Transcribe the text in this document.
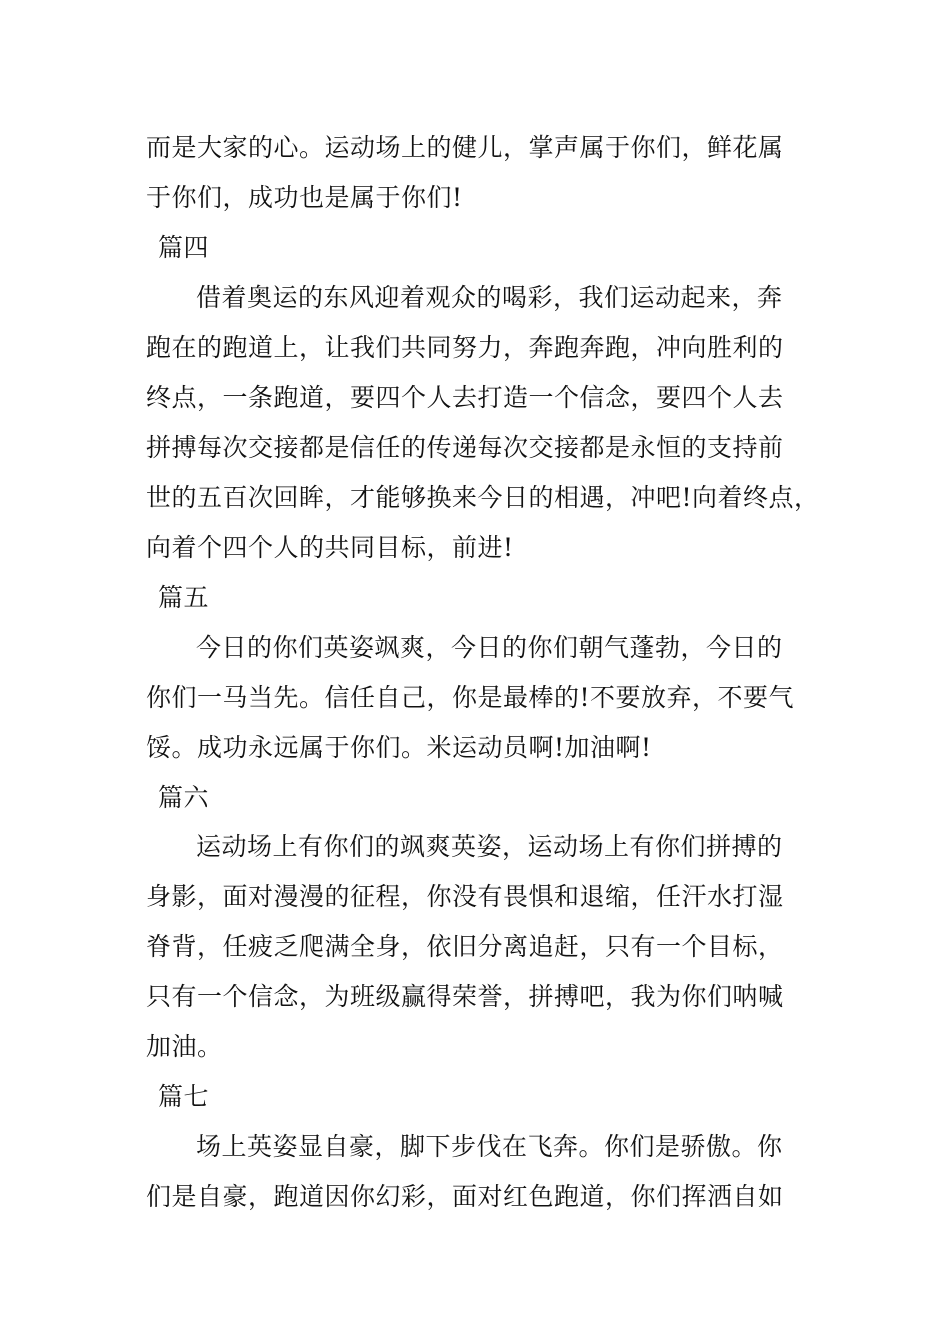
而是大家的心。运动场上的健儿，掌声属于你们，鲜花属
于你们，成功也是属于你们!
篇四
借着奥运的东风迎着观众的喝彩，我们运动起来，奔
跑在的跑道上，让我们共同努力，奔跑奔跑，冲向胜利的
终点，一条跑道，要四个人去打造一个信念，要四个人去
拼搏每次交接都是信任的传递每次交接都是永恒的支持前
世的五百次回眸，才能够换来今日的相遇，冲吧!向着终点，
向着个四个人的共同目标，前进!
篇五
今日的你们英姿飒爽，今日的你们朝气蓬勃，今日的
你们一马当先。信任自己，你是最棒的!不要放弃，不要气
馁。成功永远属于你们。米运动员啊!加油啊!
篇六
运动场上有你们的飒爽英姿，运动场上有你们拼搏的
身影，面对漫漫的征程，你没有畏惧和退缩，任汗水打湿
脊背，任疲乏爬满全身，依旧分离追赶，只有一个目标，
只有一个信念，为班级赢得荣誉，拼搏吧，我为你们呐喊
加油。
篇七
场上英姿显自豪，脚下步伐在飞奔。你们是骄傲。你
们是自豪，跑道因你幻彩，面对红色跑道，你们挥洒自如
